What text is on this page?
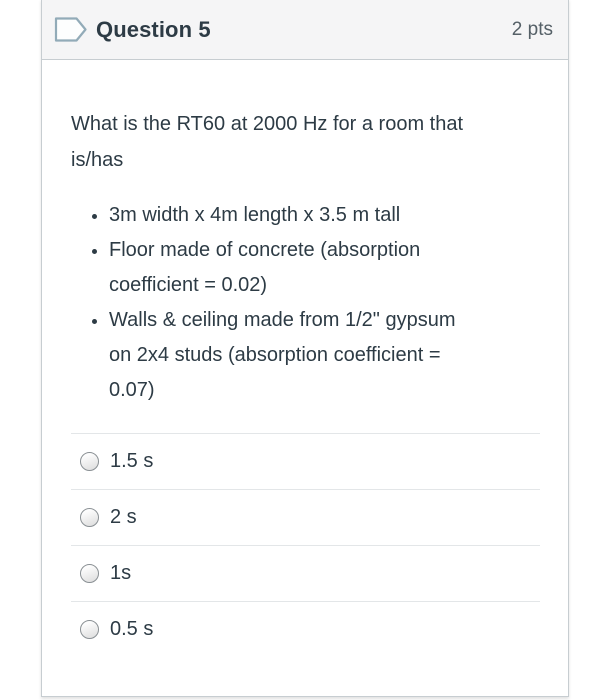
Question 5	2 pts

What is the RT60 at 2000 Hz for a room that is/has

• 3m width x 4m length x 3.5 m tall
• Floor made of concrete (absorption coefficient = 0.02)
• Walls & ceiling made from 1/2" gypsum on 2x4 studs (absorption coefficient = 0.07)
1.5 s
2 s
1s
0.5 s
